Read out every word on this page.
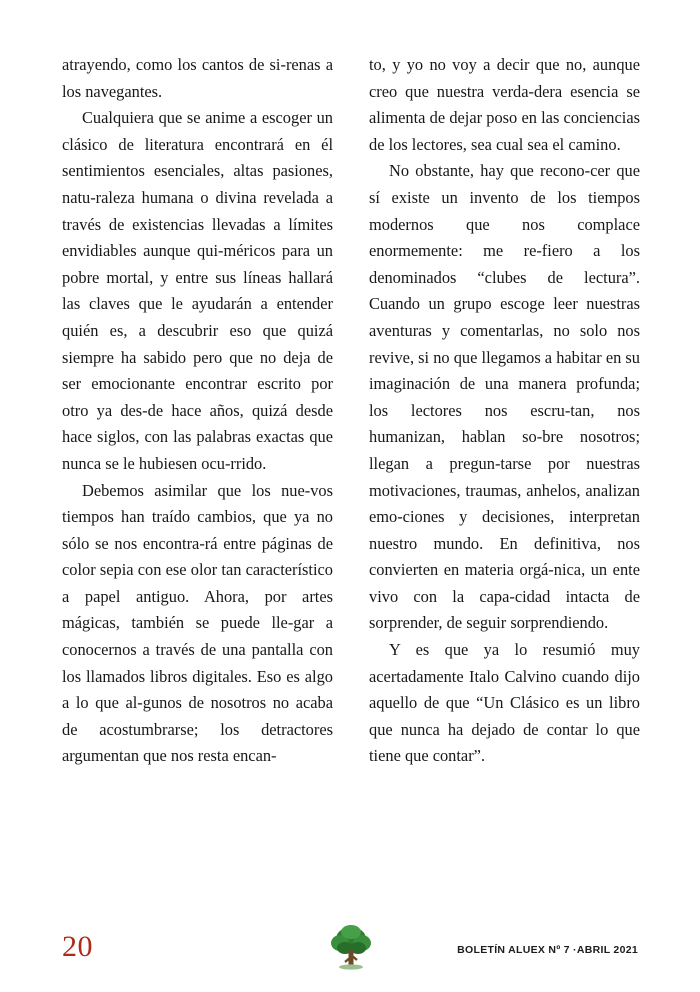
atrayendo, como los cantos de si-renas a los navegantes.

Cualquiera que se anime a escoger un clásico de literatura encontrará en él sentimientos esenciales, altas pasiones, natu-raleza humana o divina revelada a través de existencias llevadas a límites envidiables aunque qui-méricos para un pobre mortal, y entre sus líneas hallará las claves que le ayudarán a entender quién es, a descubrir eso que quizá siempre ha sabido pero que no deja de ser emocionante encontrar escrito por otro ya des-de hace años, quizá desde hace siglos, con las palabras exactas que nunca se le hubiesen ocu-rrido.

Debemos asimilar que los nue-vos tiempos han traído cambios, que ya no sólo se nos encontra-rá entre páginas de color sepia con ese olor tan característico a papel antiguo. Ahora, por artes mágicas, también se puede lle-gar a conocernos a través de una pantalla con los llamados libros digitales. Eso es algo a lo que al-gunos de nosotros no acaba de acostumbrarse; los detractores argumentan que nos resta encan-

to, y yo no voy a decir que no, aunque creo que nuestra verda-dera esencia se alimenta de dejar poso en las conciencias de los lectores, sea cual sea el camino.

No obstante, hay que recono-cer que sí existe un invento de los tiempos modernos que nos complace enormemente: me re-fiero a los denominados “clubes de lectura”. Cuando un grupo escoge leer nuestras aventuras y comentarlas, no solo nos revive, si no que llegamos a habitar en su imaginación de una manera profunda; los lectores nos escru-tan, nos humanizan, hablan so-bre nosotros; llegan a pregun-tarse por nuestras motivaciones, traumas, anhelos, analizan emo-ciones y decisiones, interpretan nuestro mundo. En definitiva, nos convierten en materia orgá-nica, un ente vivo con la capa-cidad intacta de sorprender, de seguir sorprendiendo.

Y es que ya lo resumió muy acertadamente Italo Calvino cuando dijo aquello de que “Un Clásico es un libro que nunca ha dejado de contar lo que tiene que contar”.

20	BOLETÍN ALUEX Nº 7 ·ABRIL 2021
